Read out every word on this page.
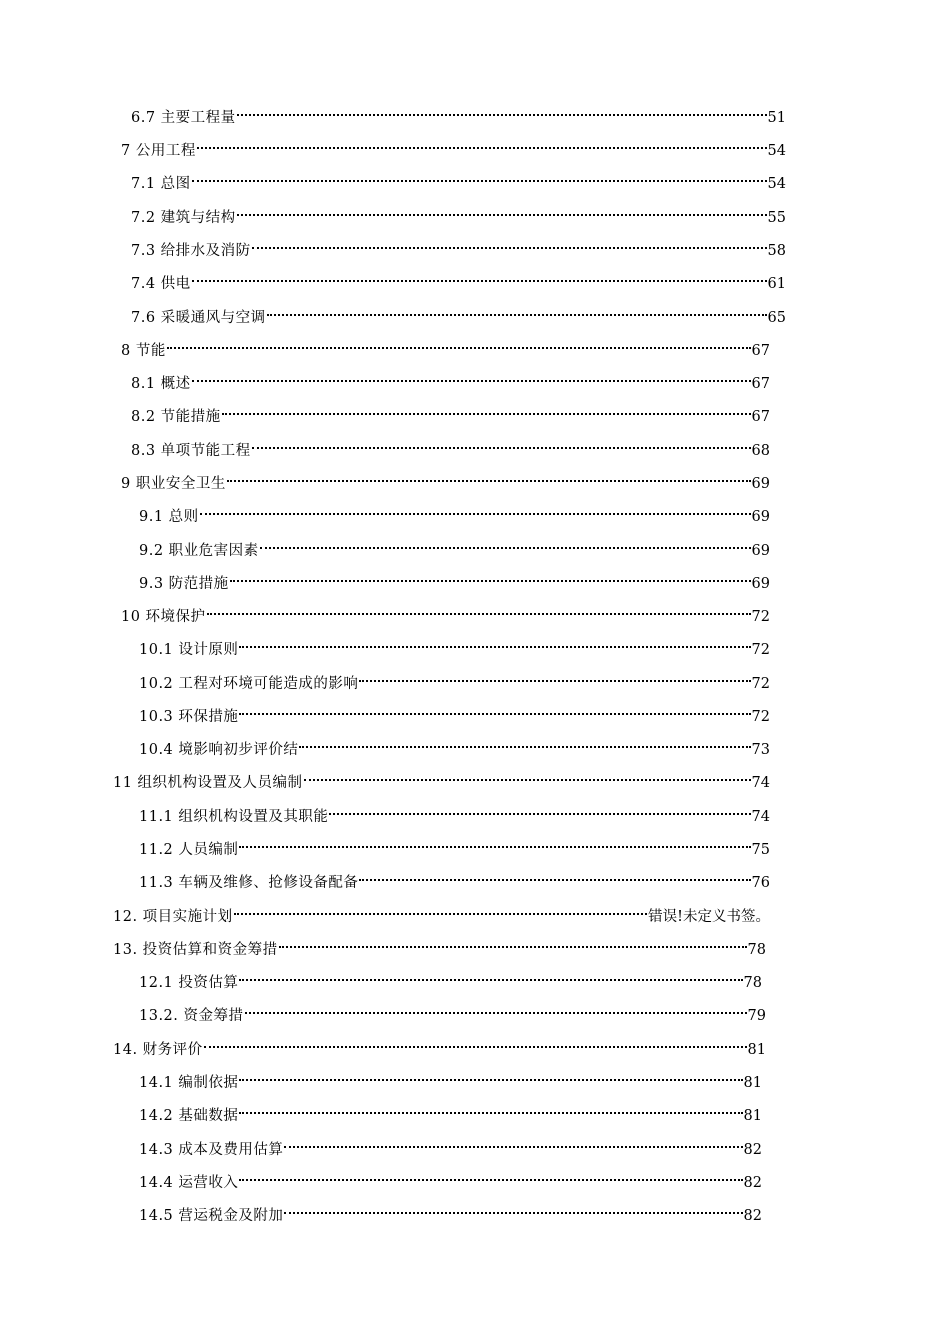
6.7 主要工程量	51
7 公用工程	54
7.1 总图	54
7.2 建筑与结构	55
7.3 给排水及消防	58
7.4 供电	61
7.6 采暖通风与空调	65
8 节能	67
8.1 概述	67
8.2 节能措施	67
8.3 单项节能工程	68
9 职业安全卫生	69
9.1 总则	69
9.2 职业危害因素	69
9.3 防范措施	69
10 环境保护	72
10.1 设计原则	72
10.2 工程对环境可能造成的影响	72
10.3 环保措施	72
10.4 境影响初步评价结	73
11 组织机构设置及人员编制	74
11.1 组织机构设置及其职能	74
11.2 人员编制	75
11.3 车辆及维修、抢修设备配备	76
12. 项目实施计划	错误!未定义书签。
13. 投资估算和资金筹措	78
12.1 投资估算	78
13.2. 资金筹措	79
14. 财务评价	81
14.1 编制依据	81
14.2 基础数据	81
14.3 成本及费用估算	82
14.4 运营收入	82
14.5 营运税金及附加	82
